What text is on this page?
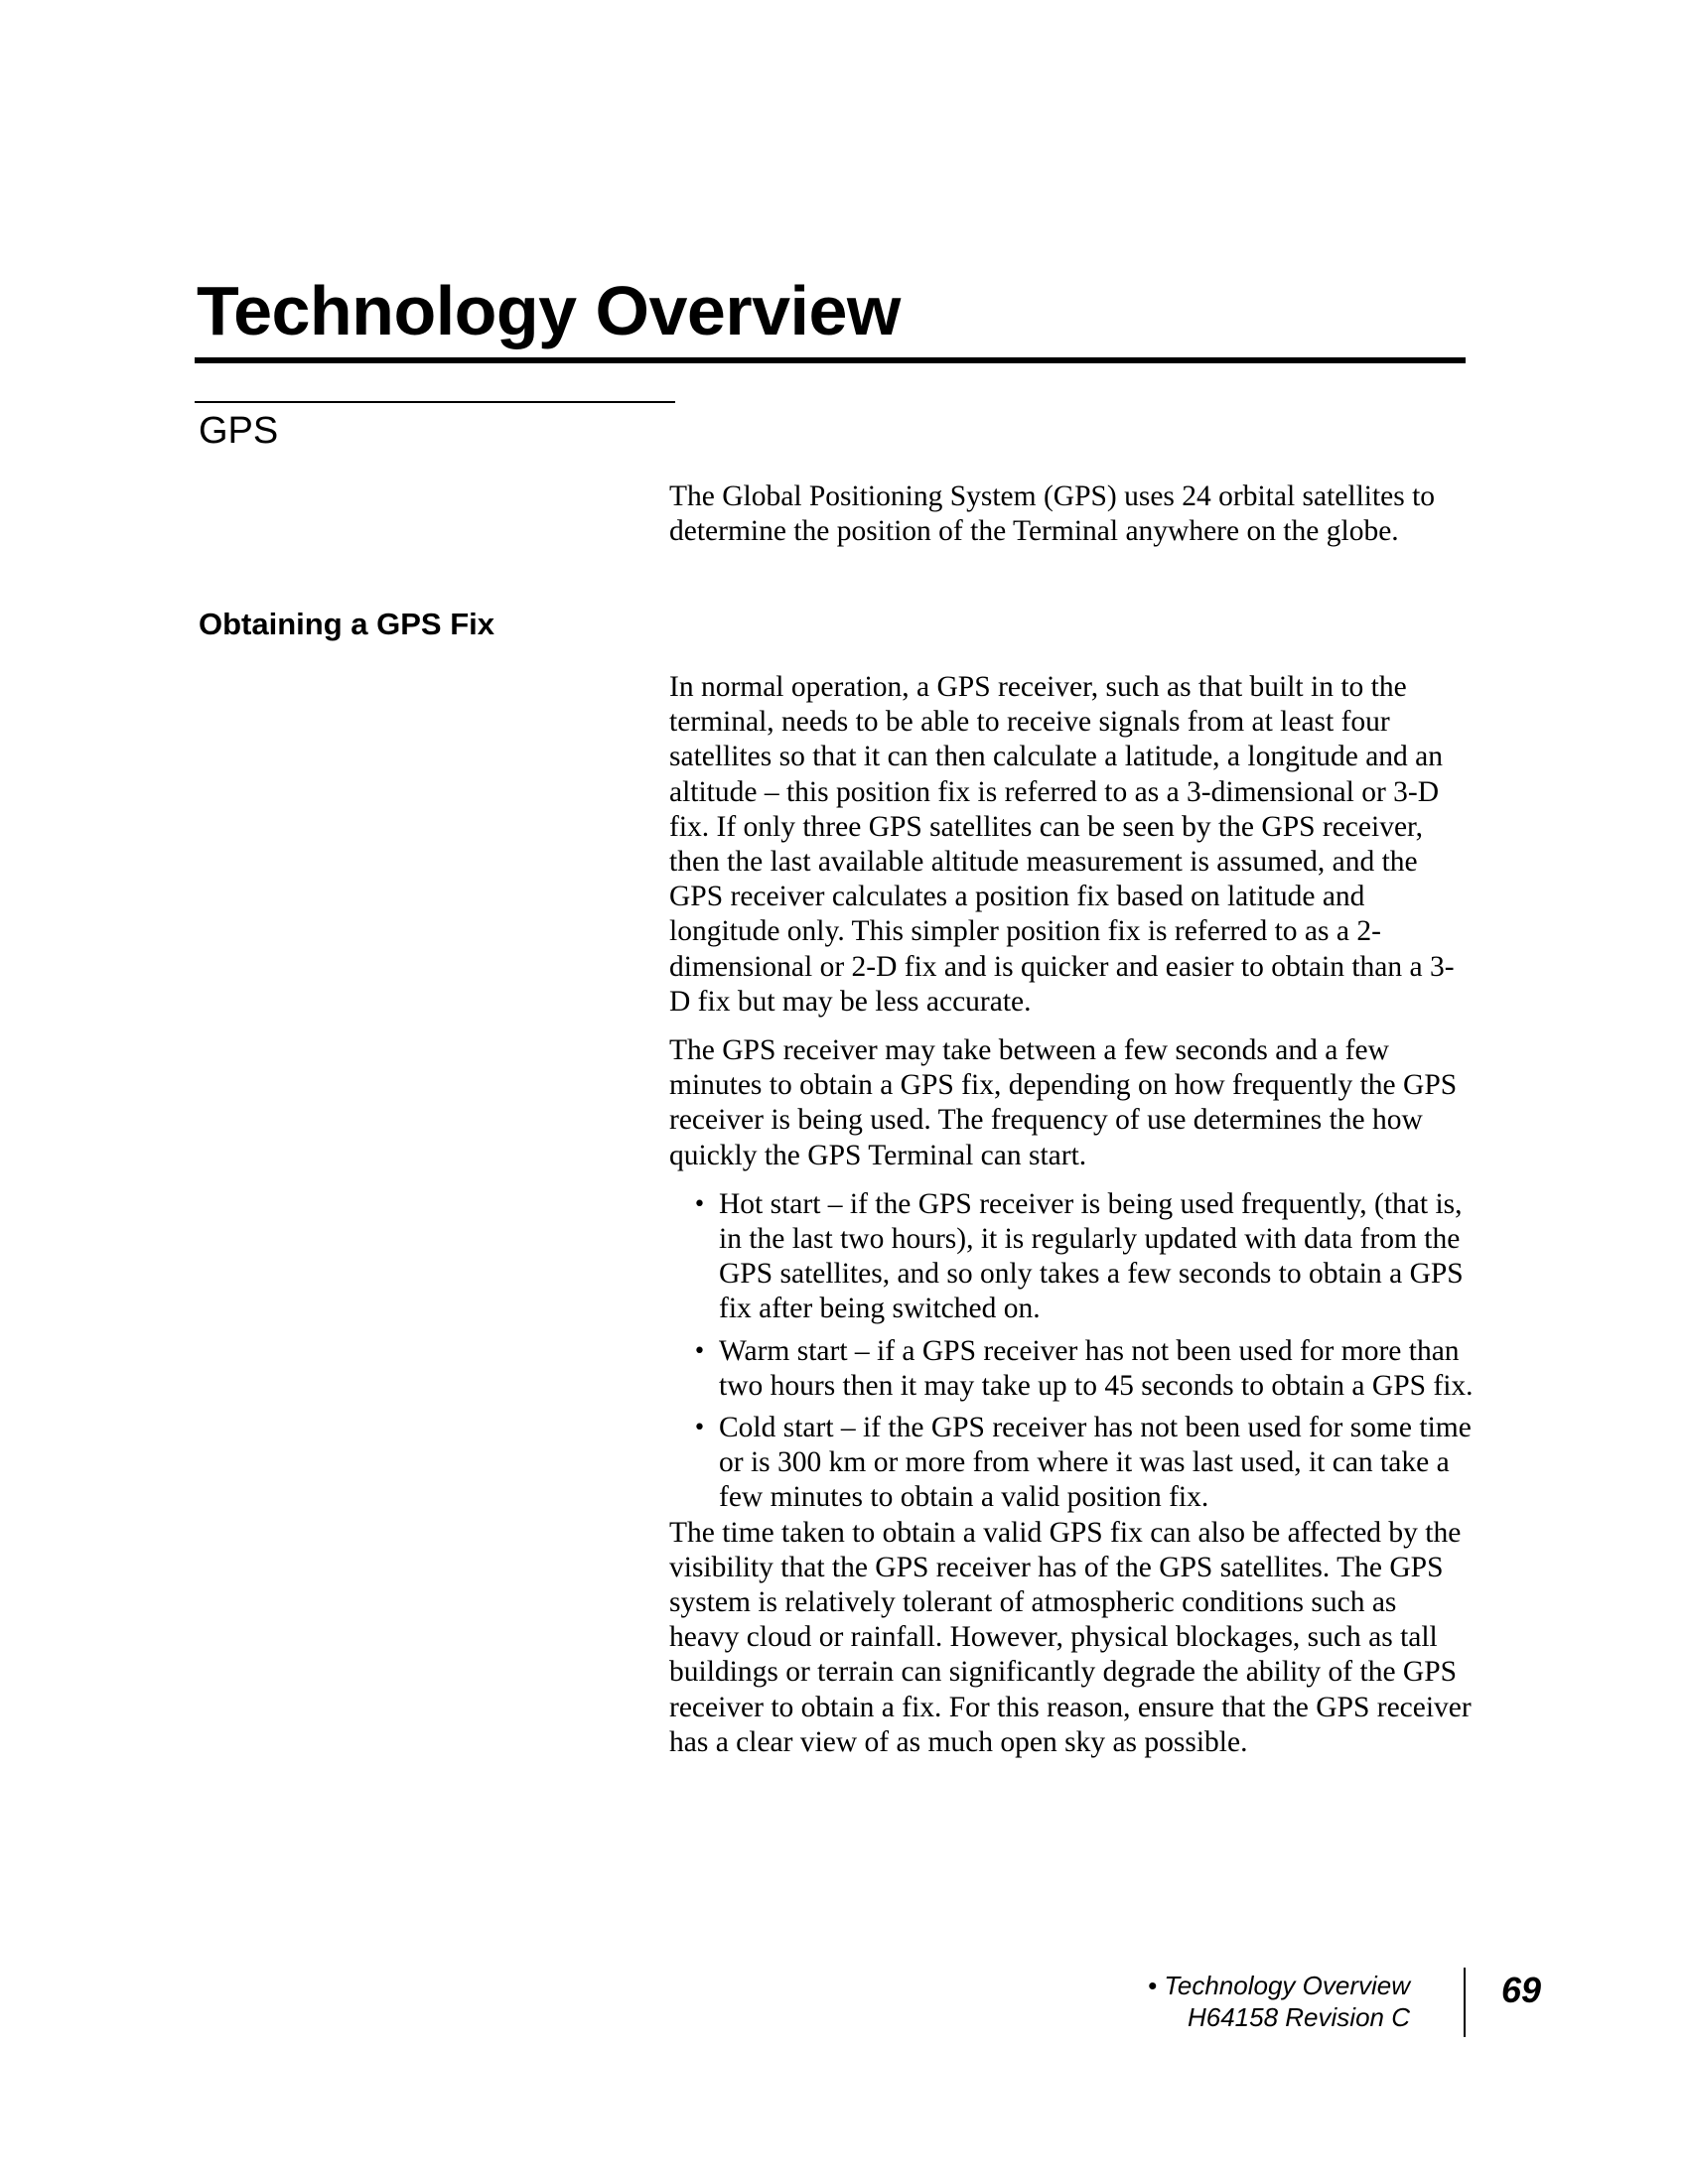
Technology Overview
GPS

The Global Positioning System (GPS) uses 24 orbital satellites to determine the position of the Terminal anywhere on the globe.

Obtaining a GPS Fix

In normal operation, a GPS receiver, such as that built in to the terminal, needs to be able to receive signals from at least four satellites so that it can then calculate a latitude, a longitude and an altitude – this position fix is referred to as a 3-dimensional or 3-D fix. If only three GPS satellites can be seen by the GPS receiver, then the last available altitude measurement is assumed, and the GPS receiver calculates a position fix based on latitude and longitude only. This simpler position fix is referred to as a 2-dimensional or 2-D fix and is quicker and easier to obtain than a 3-D fix but may be less accurate.

The GPS receiver may take between a few seconds and a few minutes to obtain a GPS fix, depending on how frequently the GPS receiver is being used. The frequency of use determines the how quickly the GPS Terminal can start.

• Hot start – if the GPS receiver is being used frequently, (that is, in the last two hours), it is regularly updated with data from the GPS satellites, and so only takes a few seconds to obtain a GPS fix after being switched on.
• Warm start – if a GPS receiver has not been used for more than two hours then it may take up to 45 seconds to obtain a GPS fix.
• Cold start – if the GPS receiver has not been used for some time or is 300 km or more from where it was last used, it can take a few minutes to obtain a valid position fix.

The time taken to obtain a valid GPS fix can also be affected by the visibility that the GPS receiver has of the GPS satellites. The GPS system is relatively tolerant of atmospheric conditions such as heavy cloud or rainfall. However, physical blockages, such as tall buildings or terrain can significantly degrade the ability of the GPS receiver to obtain a fix. For this reason, ensure that the GPS receiver has a clear view of as much open sky as possible.

• Technology Overview
H64158 Revision C
69
